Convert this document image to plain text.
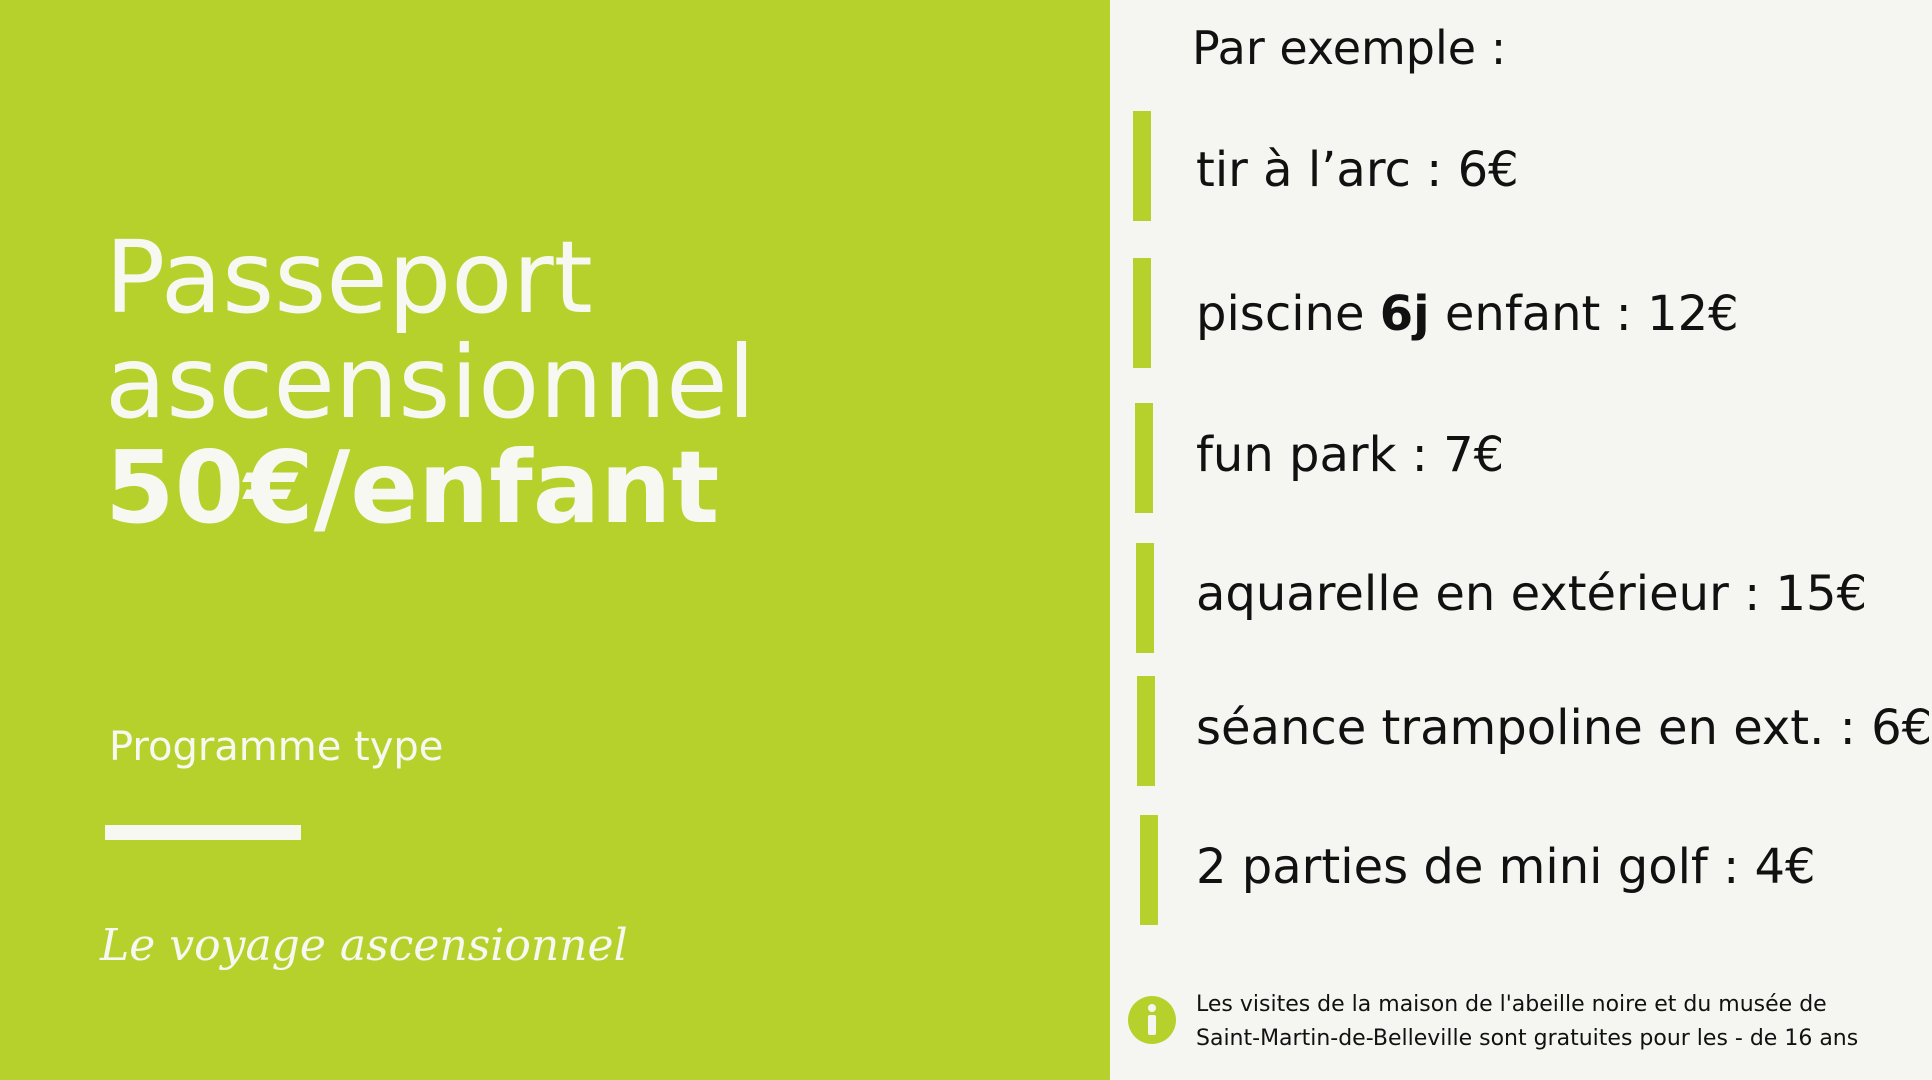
Passeport
ascensionnel
50€/enfant
Programme type
Le voyage ascensionnel
Par exemple :
tir à l’arc : 6€
piscine 6j enfant : 12€
fun park : 7€
aquarelle en extérieur : 15€
séance trampoline en ext. : 6€
2 parties de mini golf : 4€
Les visites de la maison de l'abeille noire et du musée de
Saint-Martin-de-Belleville sont gratuites pour les - de 16 ans
